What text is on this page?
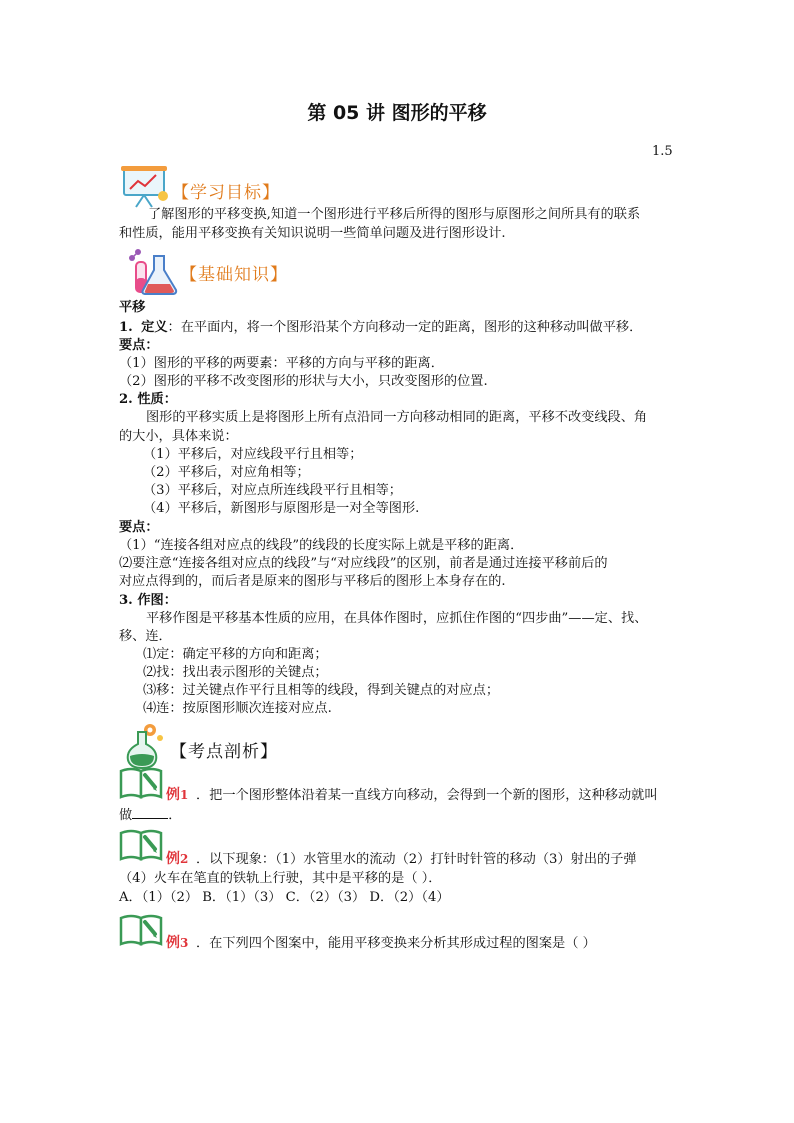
第 05 讲 图形的平移
1.5
【学习目标】
了解图形的平移变换,知道一个图形进行平移后所得的图形与原图形之间所具有的联系
和性质，能用平移变换有关知识说明一些简单问题及进行图形设计.
【基础知识】
平移
1. 定义：在平面内，将一个图形沿某个方向移动一定的距离，图形的这种移动叫做平移．
要点：
（1）图形的平移的两要素：平移的方向与平移的距离．
（2）图形的平移不改变图形的形状与大小，只改变图形的位置.
2. 性质：
图形的平移实质上是将图形上所有点沿同一方向移动相同的距离，平移不改变线段、角
的大小，具体来说：
（1）平移后，对应线段平行且相等；
（2）平移后，对应角相等；
（3）平移后，对应点所连线段平行且相等；
（4）平移后，新图形与原图形是一对全等图形.
要点：
（1）“连接各组对应点的线段”的线段的长度实际上就是平移的距离．
⑵要注意“连接各组对应点的线段”与“对应线段”的区别，前者是通过连接平移前后的
对应点得到的，而后者是原来的图形与平移后的图形上本身存在的.
3. 作图：
平移作图是平移基本性质的应用，在具体作图时，应抓住作图的“四步曲”——定、找、
移、连．
⑴定：确定平移的方向和距离；
⑵找：找出表示图形的关键点；
⑶移：过关键点作平行且相等的线段，得到关键点的对应点；
⑷连：按原图形顺次连接对应点.
【考点剖析】
例1 ．把一个图形整体沿着某一直线方向移动，会得到一个新的图形，这种移动就叫
做	．
例2 ．以下现象：（1）水管里水的流动（2）打针时针管的移动（3）射出的子弹
（4）火车在笔直的铁轨上行驶，其中是平移的是（ ）．
A．（1）（2） B．（1）（3） C．（2）（3） D．（2）（4）
例3 ．在下列四个图案中，能用平移变换来分析其形成过程的图案是（ ）
